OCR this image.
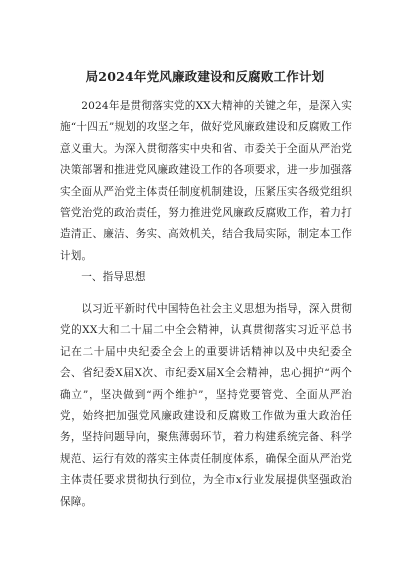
局2024年党风廉政建设和反腐败工作计划

2024年是贯彻落实党的XX大精神的关键之年，是深入实施“十四五”规划的攻坚之年，做好党风廉政建设和反腐败工作意义重大。为深入贯彻落实中央和省、市委关于全面从严治党决策部署和推进党风廉政建设工作的各项要求，进一步加强落实全面从严治党主体责任制度机制建设，压紧压实各级党组织管党治党的政治责任，努力推进党风廉政反腐败工作，着力打造清正、廉洁、务实、高效机关，结合我局实际，制定本工作计划。

一、指导思想

以习近平新时代中国特色社会主义思想为指导，深入贯彻党的XX大和二十届二中全会精神，认真贯彻落实习近平总书记在二十届中央纪委全会上的重要讲话精神以及中央纪委全会、省纪委X届X次、市纪委X届X全会精神，忠心拥护“两个确立”，坚决做到“两个维护”，坚持党要管党、全面从严治党，始终把加强党风廉政建设和反腐败工作做为重大政治任务，坚持问题导向，聚焦薄弱环节，着力构建系统完备、科学规范、运行有效的落实主体责任制度体系，确保全面从严治党主体责任要求贯彻执行到位，为全市x行业发展提供坚强政治保障。
